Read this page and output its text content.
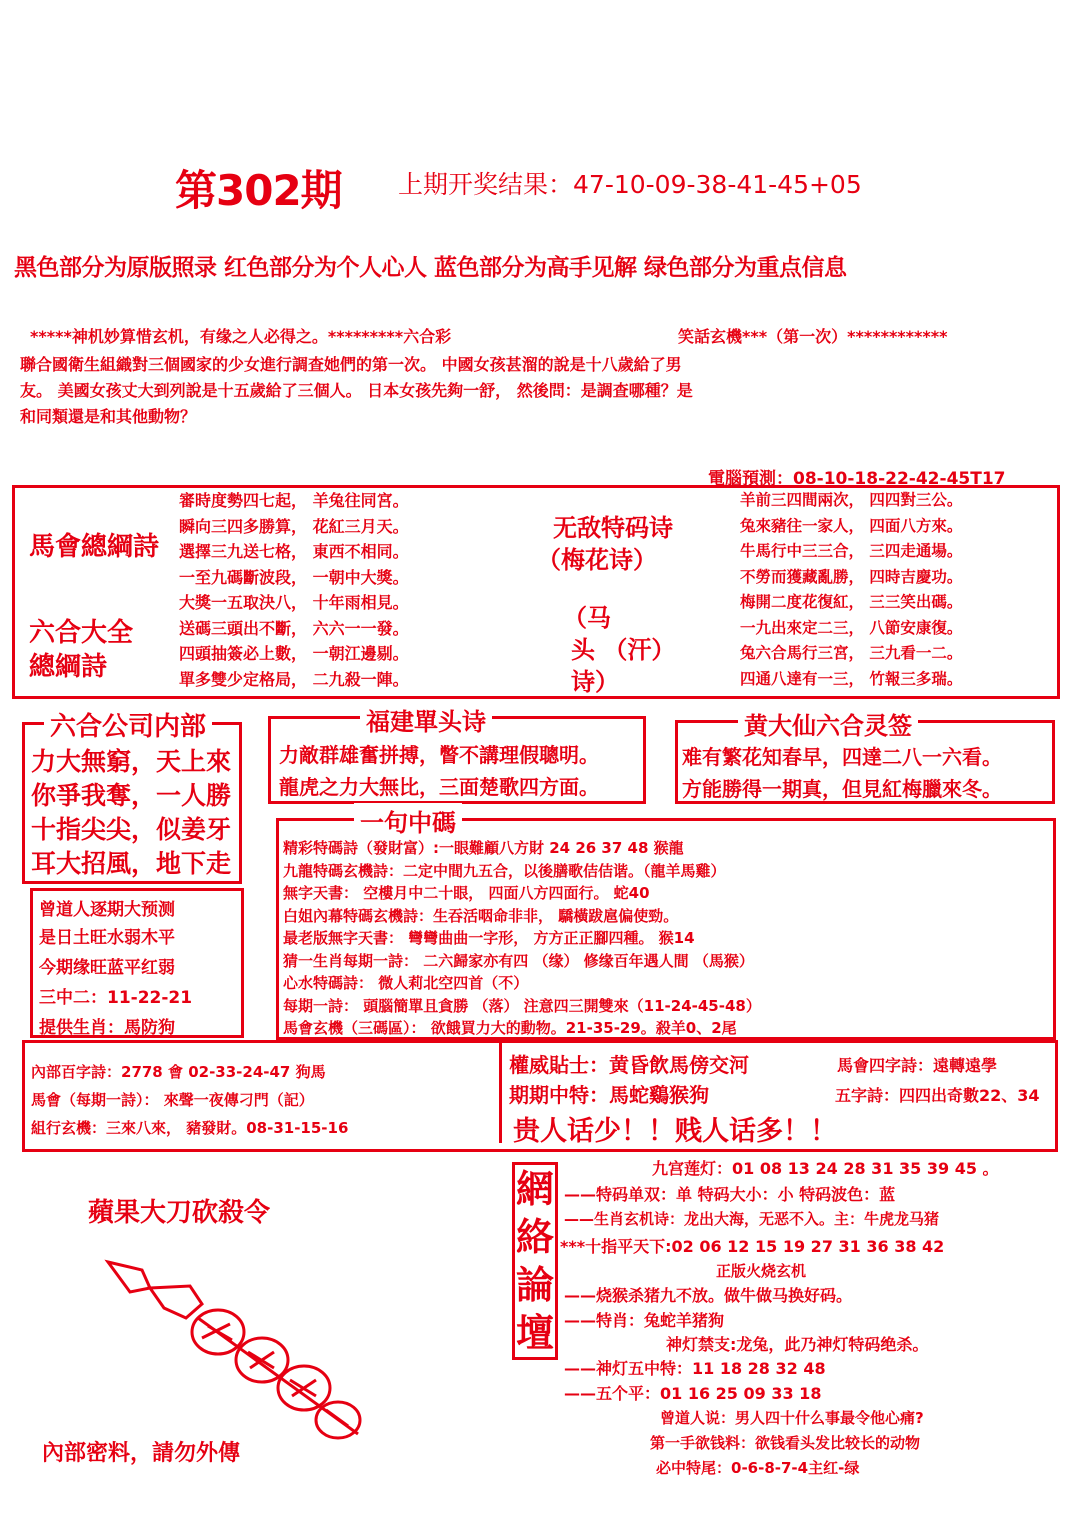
第302期 上期开奖结果：47-10-09-38-41-45+05
黑色部分为原版照录 红色部分为个人心人 蓝色部分为高手见解 绿色部分为重点信息
*****神机妙算惜玄机，有缘之人必得之。*********六合彩	笑話玄機***（第一次）************
聯合國衛生組織對三個國家的少女進行調查她們的第一次。 中國女孩甚溜的說是十八歲給了男
友。 美國女孩丈大到列說是十五歲給了三個人。 日本女孩先夠一舒， 然後問：是調查哪種？是
和同類還是和其他動物？
電腦預測：08-10-18-22-42-45T17
馬會總綱詩
六合大全
總綱詩
審時度勢四七起， 羊兔往同宮。
瞬向三四多勝算， 花紅三月天。
選擇三九送七格， 東西不相同。
一至九碼斷波段， 一朝中大獎。
大獎一五取決八， 十年雨相見。
送碼三頭出不斷， 六六一一發。
四頭抽簽必上數， 一朝江邊剔。
單多雙少定格局， 二九殺一陣。
无敌特码诗
（梅花诗）
（马
头 （汗）
诗）
羊前三四間兩次， 四四對三公。
兔來豬往一家人， 四面八方來。
牛馬行中三三合， 三四走通場。
不勞而獲藏亂勝， 四時吉慶功。
梅開二度花復紅， 三三笑出碼。
一九出來定二三， 八節安康復。
兔六合馬行三宮， 三九看一二。
四通八達有一三， 竹報三多瑞。
力大無窮，天上來
你爭我奪，一人勝
十指尖尖，似姜牙
耳大招風，地下走
六合公司内部
力敵群雄奮拼搏，瞥不講理假聰明。
龍虎之力大無比，三面楚歌四方面。
福建單头诗
难有繁花知春早，四達二八一六看。
方能勝得一期真，但見紅梅臘來冬。
黄大仙六合灵签
曾道人逐期大预测
是日土旺水弱木平
今期缘旺蓝平红弱
三中二：11-22-21
提供生肖：馬防狗
精彩特碼詩（發財富）:一眼難顧八方財 24 26 37 48 猴龍
九龍特碼玄機詩：二定中間九五合，以後膳歌佶佶谐。（龍羊馬雞）
無字天書： 空樓月中二十眼， 四面八方四面行。 蛇40
白姐內幕特碼玄機詩：生吞活咽命非非， 驕橫跋扈偏使勁。
最老版無字天書： 彎彎曲曲一字形， 方方正正腳四種。 猴14
猜一生肖每期一詩： 二六歸家亦有四 （缘） 修缘百年遇人間 （馬猴）
心水特碼詩： 微人莉北空四首（不）
每期一詩： 頭腦簡單且貪勝 （落） 注意四三開雙來（11-24-45-48）
馬會玄機（三碼區）： 欲餓買力大的動物。21-35-29。殺羊0、2尾
一句中碼
內部百字詩：2778 會 02-33-24-47 狗馬
馬會（每期一詩）： 來聲一夜傳刁門（記）
組行玄機：三來八來， 豬發財。08-31-15-16
權威貼士：黄昏飲馬傍交河	馬會四字詩：遠轉遠學
期期中特：馬蛇鷄猴狗	五字詩：四四出奇數22、34
贵人话少！！贱人话多！！
蘋果大刀砍殺令
內部密料，請勿外傳
網
絡
論
壇
九宫莲灯：01 08 13 24 28 31 35 39 45 。
——特码单双：单 特码大小：小 特码波色：蓝
——生肖玄机诗：龙出大海，无恶不入。主：牛虎龙马猪
***十指平天下:02 06 12 15 19 27 31 36 38 42
正版火烧玄机
——烧猴杀猪九不放。做牛做马换好码。
——特肖：兔蛇羊猪狗
神灯禁支:龙兔，此乃神灯特码绝杀。
——神灯五中特：11 18 28 32 48
——五个平：01 16 25 09 33 18
曾道人说：男人四十什么事最令他心痛?
第一手欲钱料：欲钱看头发比较长的动物
必中特尾：0-6-8-7-4主红-绿
